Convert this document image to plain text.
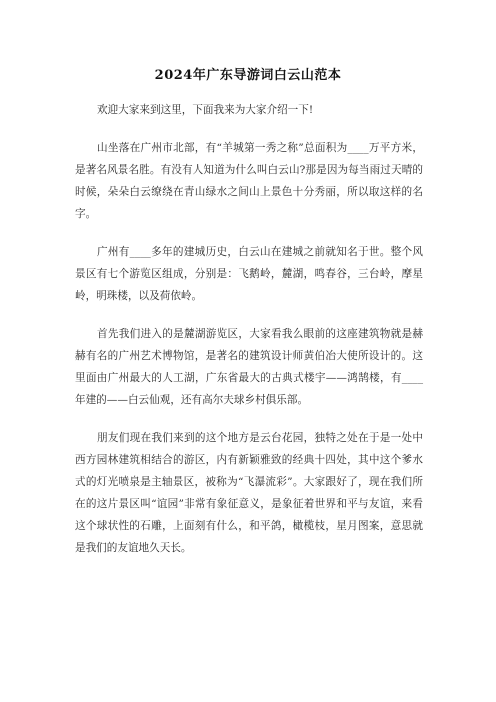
2024年广东导游词白云山范本

欢迎大家来到这里，下面我来为大家介绍一下!

山坐落在广州市北部，有“羊城第一秀之称”总面积为____万平方米，是著名风景名胜。有没有人知道为什么叫白云山?那是因为每当雨过天晴的时候，朵朵白云缭绕在青山绿水之间山上景色十分秀丽，所以取这样的名字。

广州有____多年的建城历史，白云山在建城之前就知名于世。整个风景区有七个游览区组成，分别是：飞鹅岭，麓湖，鸣春谷，三台岭，摩星岭，明珠楼，以及荷依岭。

首先我们进入的是麓湖游览区，大家看我么眼前的这座建筑物就是赫赫有名的广州艺术博物馆，是著名的建筑设计师黄伯冶大使所设计的。这里面由广州最大的人工湖，广东省最大的古典式楼宇——鸿鹄楼，有____年建的——白云仙观，还有高尔夫球乡村俱乐部。

朋友们现在我们来到的这个地方是云台花园，独特之处在于是一处中西方园林建筑相结合的游区，内有新颖雅致的经典十四处，其中这个爹水式的灯光喷泉是主轴景区，被称为“飞瀑流彩”。大家跟好了，现在我们所在的这片景区叫“谊园”非常有象征意义，是象征着世界和平与友谊，来看这个球状性的石雕，上面刻有什么，和平鸽，橄榄枝，星月图案，意思就是我们的友谊地久天长。
